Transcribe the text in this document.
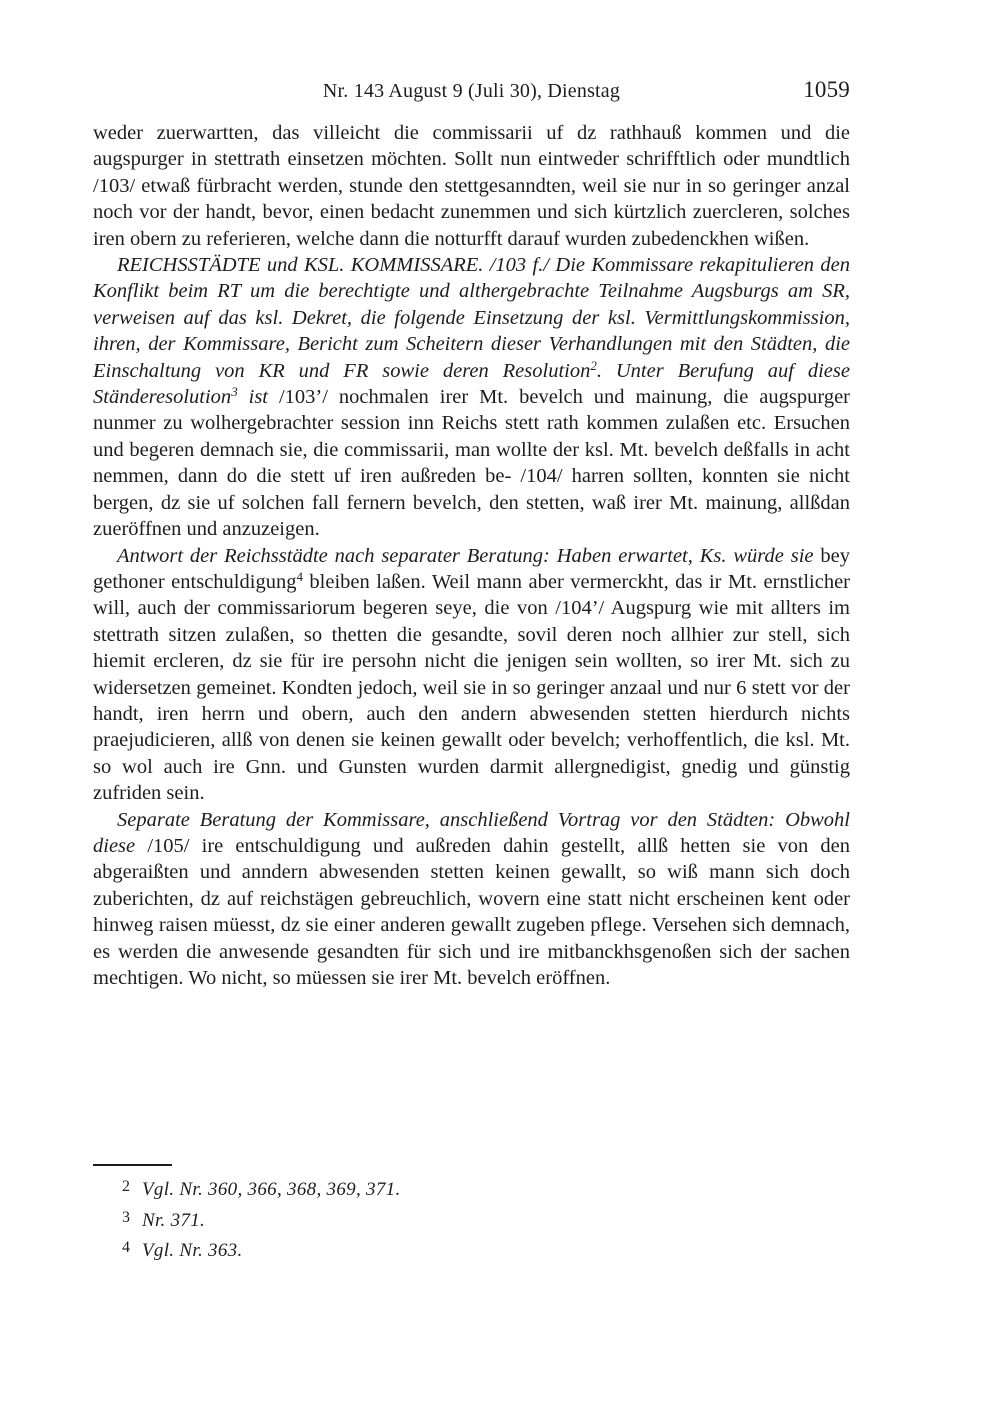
Nr. 143 August 9 (Juli 30), Dienstag	1059

weder zuerwartten, das villeicht die commissarii uf dz rathhauß kommen und die augspurger in stettrath einsetzen möchten. Sollt nun eintweder schrifftlich oder mundtlich /103/ etwaß fürbracht werden, stunde den stettgesanndten, weil sie nur in so geringer anzal noch vor der handt, bevor, einen bedacht zunemmen und sich kürtzlich zuercleren, solches iren obern zu referieren, welche dann die notturfft darauf wurden zubedenckhen wißen.

REICHSSTÄDTE und KSL. KOMMISSARE. /103 f./ Die Kommissare rekapitulieren den Konflikt beim RT um die berechtigte und althergebrachte Teilnahme Augsburgs am SR, verweisen auf das ksl. Dekret, die folgende Einsetzung der ksl. Vermittlungskommission, ihren, der Kommissare, Bericht zum Scheitern dieser Verhandlungen mit den Städten, die Einschaltung von KR und FR sowie deren Resolution$^2$. Unter Berufung auf diese Ständeresolution$^3$ ist /103’/ nochmalen irer Mt. bevelch und mainung, die augspurger nunmer zu wolhergebrachter session inn Reichs stett rath kommen zulaßen etc. Ersuchen und begeren demnach sie, die commissarii, man wollte der ksl. Mt. bevelch deßfalls in acht nemmen, dann do die stett uf iren außreden be- /104/ harren sollten, konnten sie nicht bergen, dz sie uf solchen fall fernern bevelch, den stetten, waß irer Mt. mainung, allßdan zueröffnen und anzuzeigen.

Antwort der Reichsstädte nach separater Beratung: Haben erwartet, Ks. würde sie bey gethoner entschuldigung$^4$ bleiben laßen. Weil mann aber vermerckht, das ir Mt. ernstlicher will, auch der commissariorum begeren seye, die von /104’/ Augspurg wie mit allters im stettrath sitzen zulaßen, so thetten die gesandte, sovil deren noch allhier zur stell, sich hiemit ercleren, dz sie für ire persohn nicht die jenigen sein wollten, so irer Mt. sich zu widersetzen gemeinet. Kondten jedoch, weil sie in so geringer anzaal und nur 6 stett vor der handt, iren herrn und obern, auch den andern abwesenden stetten hierdurch nichts praejudicieren, allß von denen sie keinen gewallt oder bevelch; verhoffentlich, die ksl. Mt. so wol auch ire Gnn. und Gunsten wurden darmit allergnedigist, gnedig und günstig zufriden sein.

Separate Beratung der Kommissare, anschließend Vortrag vor den Städten: Obwohl diese /105/ ire entschuldigung und außreden dahin gestellt, allß hetten sie von den abgeraißten und anndern abwesenden stetten keinen gewallt, so wiß mann sich doch zuberichten, dz auf reichstägen gebreuchlich, wovern eine statt nicht erscheinen kent oder hinweg raisen müesst, dz sie einer anderen gewallt zugeben pflege. Versehen sich demnach, es werden die anwesende gesandten für sich und ire mitbanckhsgenoßen sich der sachen mechtigen. Wo nicht, so müessen sie irer Mt. bevelch eröffnen.

2 Vgl. Nr. 360, 366, 368, 369, 371.
3 Nr. 371.
4 Vgl. Nr. 363.
